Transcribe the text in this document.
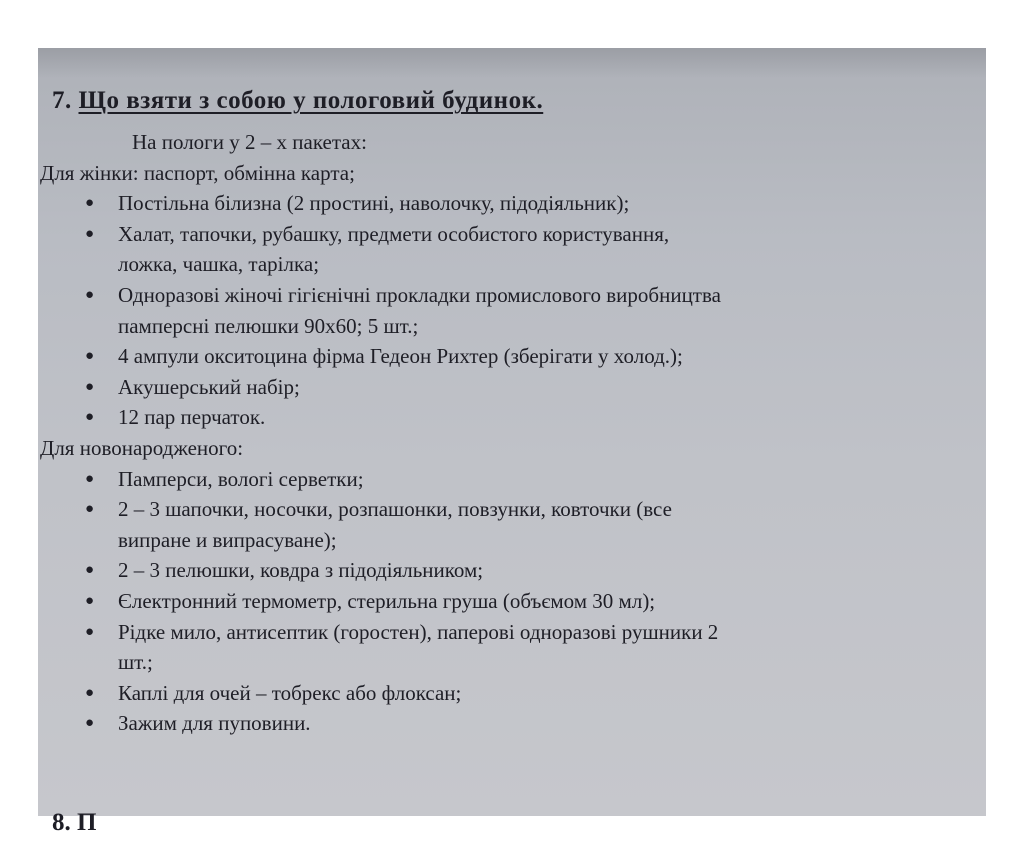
7. Що взяти з собою у пологовий будинок.

На пологи у 2 – х пакетах:

Для жінки: паспорт, обмінна карта;

● Постільна білизна (2 простині, наволочку, підодіяльник);
● Халат, тапочки, рубашку, предмети особистого користування,
ложка, чашка, тарілка;
● Одноразові жіночі гігієнічні прокладки промислового виробництва
памперсні пелюшки 90х60; 5 шт.;
● 4 ампули окситоцина фірма Гедеон Рихтер (зберігати у холод.);
● Акушерський набір;
● 12 пар перчаток.

Для новонародженого:

● Памперси, вологі серветки;
● 2 – 3 шапочки, носочки, розпашонки, повзунки, ковточки (все
випране и випрасуване);
● 2 – 3 пелюшки, ковдра з підодіяльником;
● Єлектронний термометр, стерильна груша (объємом 30 мл);
● Рідке мило, антисептик (горостен), паперові одноразові рушники 2
шт.;
● Каплі для очей – тобрекс або флоксан;
● Зажим для пуповини.
8. П
